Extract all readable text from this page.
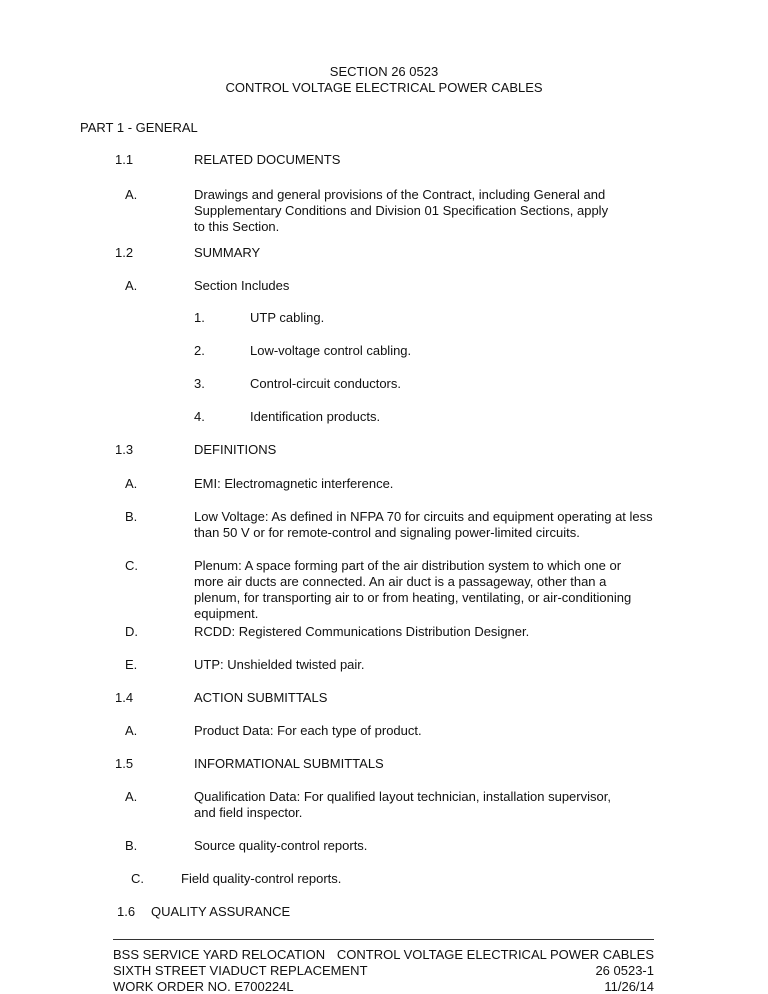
SECTION 26 0523
CONTROL VOLTAGE ELECTRICAL POWER CABLES
PART 1 - GENERAL
1.1	RELATED DOCUMENTS
A.	Drawings and general provisions of the Contract, including General and Supplementary Conditions and Division 01 Specification Sections, apply to this Section.
1.2	SUMMARY
A.	Section Includes
1.	UTP cabling.
2.	Low-voltage control cabling.
3.	Control-circuit conductors.
4.	Identification products.
1.3	DEFINITIONS
A.	EMI: Electromagnetic interference.
B.	Low Voltage: As defined in NFPA 70 for circuits and equipment operating at less than 50 V or for remote-control and signaling power-limited circuits.
C.	Plenum: A space forming part of the air distribution system to which one or more air ducts are connected. An air duct is a passageway, other than a plenum, for transporting air to or from heating, ventilating, or air-conditioning equipment.
D.	RCDD: Registered Communications Distribution Designer.
E.	UTP: Unshielded twisted pair.
1.4	ACTION SUBMITTALS
A.	Product Data: For each type of product.
1.5	INFORMATIONAL SUBMITTALS
A.	Qualification Data: For qualified layout technician, installation supervisor, and field inspector.
B.	Source quality-control reports.
C.	Field quality-control reports.
1.6 QUALITY ASSURANCE
BSS SERVICE YARD RELOCATION
SIXTH STREET VIADUCT REPLACEMENT
WORK ORDER NO. E700224L
CONTROL VOLTAGE ELECTRICAL POWER CABLES
26 0523-1
11/26/14
